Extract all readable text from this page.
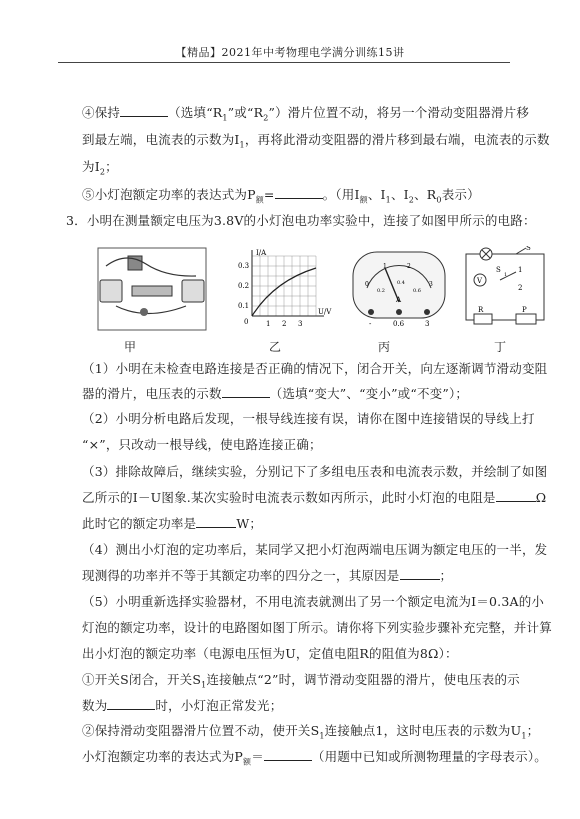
【精品】2021年中考物理电学满分训练15讲
④保持	（选填“$R_1$”或“$R_2$”）滑片位置不动，将另一个滑动变阻器滑片移
到最左端，电流表的示数为$I_1$，再将此滑动变阻器的滑片移到最右端，电流表的示数
为$I_2$；
⑤小灯泡额定功率的表达式为$P_额=$	。（用$I_额$、$I_1$、$I_2$、$R_0$表示）
3．小明在测量额定电压为3.8V的小灯泡电功率实验中，连接了如图甲所示的电路：
I/A
U/V
0.3
0.2
0.1
0	1 2 3
0
1	2
3
0.2
0.4
0.6
A
-	0.6	3
V
S
1
2
S
1
R	P
甲	乙	丙	丁
（1）小明在未检查电路连接是否正确的情况下，闭合开关，向左逐渐调节滑动变阻
器的滑片，电压表的示数	（选填“变大”、“变小”或“不变”）；
（2）小明分析电路后发现，一根导线连接有误，请你在图中连接错误的导线上打
“×”，只改动一根导线，使电路连接正确；
（3）排除故障后，继续实验，分别记下了多组电压表和电流表示数，并绘制了如图
乙所示的I－U图象.某次实验时电流表示数如丙所示，此时小灯泡的电阻是	Ω
此时它的额定功率是	W；
（4）测出小灯泡的定功率后，某同学又把小灯泡两端电压调为额定电压的一半，发
现测得的功率并不等于其额定功率的四分之一，其原因是	；
（5）小明重新选择实验器材，不用电流表就测出了另一个额定电流为I＝0.3A的小
灯泡的额定功率，设计的电路图如图丁所示。请你将下列实验步骤补充完整，并计算
出小灯泡的额定功率（电源电压恒为U，定值电阻R的阻值为8Ω）：
①开关S闭合，开关$S_1$连接触点“2”时，调节滑动变阻器的滑片，使电压表的示
数为	时，小灯泡正常发光；
②保持滑动变阻器滑片位置不动，使开关$S_1$连接触点1，这时电压表的示数为$U_1$；
小灯泡额定功率的表达式为$P_额=$	（用题中已知或所测物理量的字母表示）。
